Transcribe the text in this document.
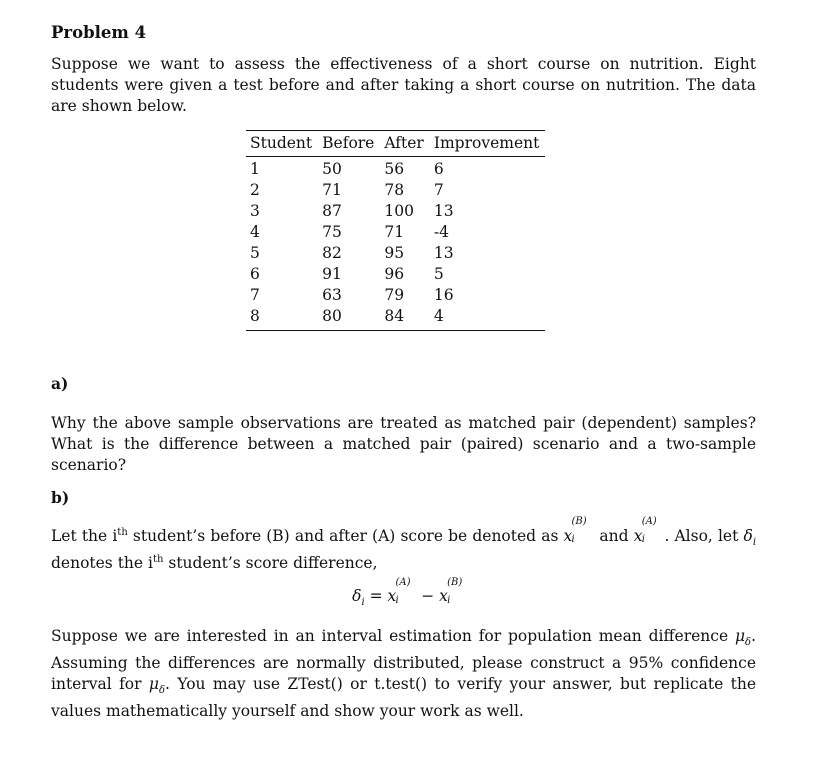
Problem 4
Suppose we want to assess the effectiveness of a short course on nutrition. Eight students were given a test before and after taking a short course on nutrition. The data are shown below.
Student	Before	After	Improvement
1	50	56	6
2	71	78	7
3	87	100	13
4	75	71	-4
5	82	95	13
6	91	96	5
7	63	79	16
8	80	84	4
a)
Why the above sample observations are treated as matched pair (dependent) samples? What is the difference between a matched pair (paired) scenario and a two-sample scenario?
b)
Let the $i^{th}$ student’s before (B) and after (A) score be denoted as x
(B)
i and x
(A)
i . Also, let $\delta_i$ denotes the $i^{th}$ student’s score difference,
$\delta_i = x$
(A)
i − x
(B)
i
Suppose we are interested in an interval estimation for population mean difference $\mu_\delta$. Assuming the differences are normally distributed, please construct a 95% confidence interval for $\mu_\delta$. You may use ZTest() or t.test() to verify your answer, but replicate the values mathematically yourself and show your work as well.
